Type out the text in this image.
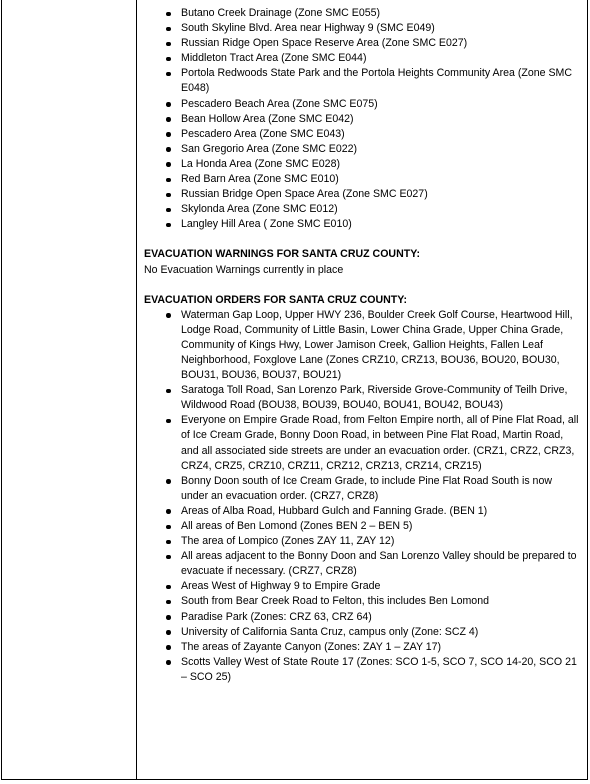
Butano Creek Drainage (Zone SMC E055)
South Skyline Blvd. Area near Highway 9 (SMC E049)
Russian Ridge Open Space Reserve Area (Zone SMC E027)
Middleton Tract Area (Zone SMC E044)
Portola Redwoods State Park and the Portola Heights Community Area (Zone SMC E048)
Pescadero Beach Area (Zone SMC E075)
Bean Hollow Area (Zone SMC E042)
Pescadero Area (Zone SMC E043)
San Gregorio Area (Zone SMC E022)
La Honda Area (Zone SMC E028)
Red Barn Area (Zone SMC E010)
Russian Bridge Open Space Area (Zone SMC E027)
Skylonda Area (Zone SMC E012)
Langley Hill Area ( Zone SMC E010)

EVACUATION WARNINGS FOR SANTA CRUZ COUNTY:

No Evacuation Warnings currently in place

EVACUATION ORDERS FOR SANTA CRUZ COUNTY:

Waterman Gap Loop, Upper HWY 236, Boulder Creek Golf Course, Heartwood Hill, Lodge Road, Community of Little Basin, Lower China Grade, Upper China Grade, Community of Kings Hwy, Lower Jamison Creek, Gallion Heights, Fallen Leaf Neighborhood, Foxglove Lane (Zones CRZ10, CRZ13, BOU36, BOU20, BOU30, BOU31, BOU36, BOU37, BOU21)
Saratoga Toll Road, San Lorenzo Park, Riverside Grove-Community of Teilh Drive, Wildwood Road (BOU38, BOU39, BOU40, BOU41, BOU42, BOU43)
Everyone on Empire Grade Road, from Felton Empire north, all of Pine Flat Road, all of Ice Cream Grade, Bonny Doon Road, in between Pine Flat Road, Martin Road, and all associated side streets are under an evacuation order. (CRZ1, CRZ2, CRZ3, CRZ4, CRZ5, CRZ10, CRZ11, CRZ12, CRZ13, CRZ14, CRZ15)
Bonny Doon south of Ice Cream Grade, to include Pine Flat Road South is now under an evacuation order. (CRZ7, CRZ8)
Areas of Alba Road, Hubbard Gulch and Fanning Grade. (BEN 1)
All areas of Ben Lomond (Zones BEN 2 – BEN 5)
The area of Lompico (Zones ZAY 11, ZAY 12)
All areas adjacent to the Bonny Doon and San Lorenzo Valley should be prepared to evacuate if necessary. (CRZ7, CRZ8)
Areas West of Highway 9 to Empire Grade
South from Bear Creek Road to Felton, this includes Ben Lomond
Paradise Park (Zones: CRZ 63, CRZ 64)
University of California Santa Cruz, campus only (Zone: SCZ 4)
The areas of Zayante Canyon (Zones: ZAY 1 – ZAY 17)
Scotts Valley West of State Route 17 (Zones: SCO 1-5, SCO 7, SCO 14-20, SCO 21 – SCO 25)
